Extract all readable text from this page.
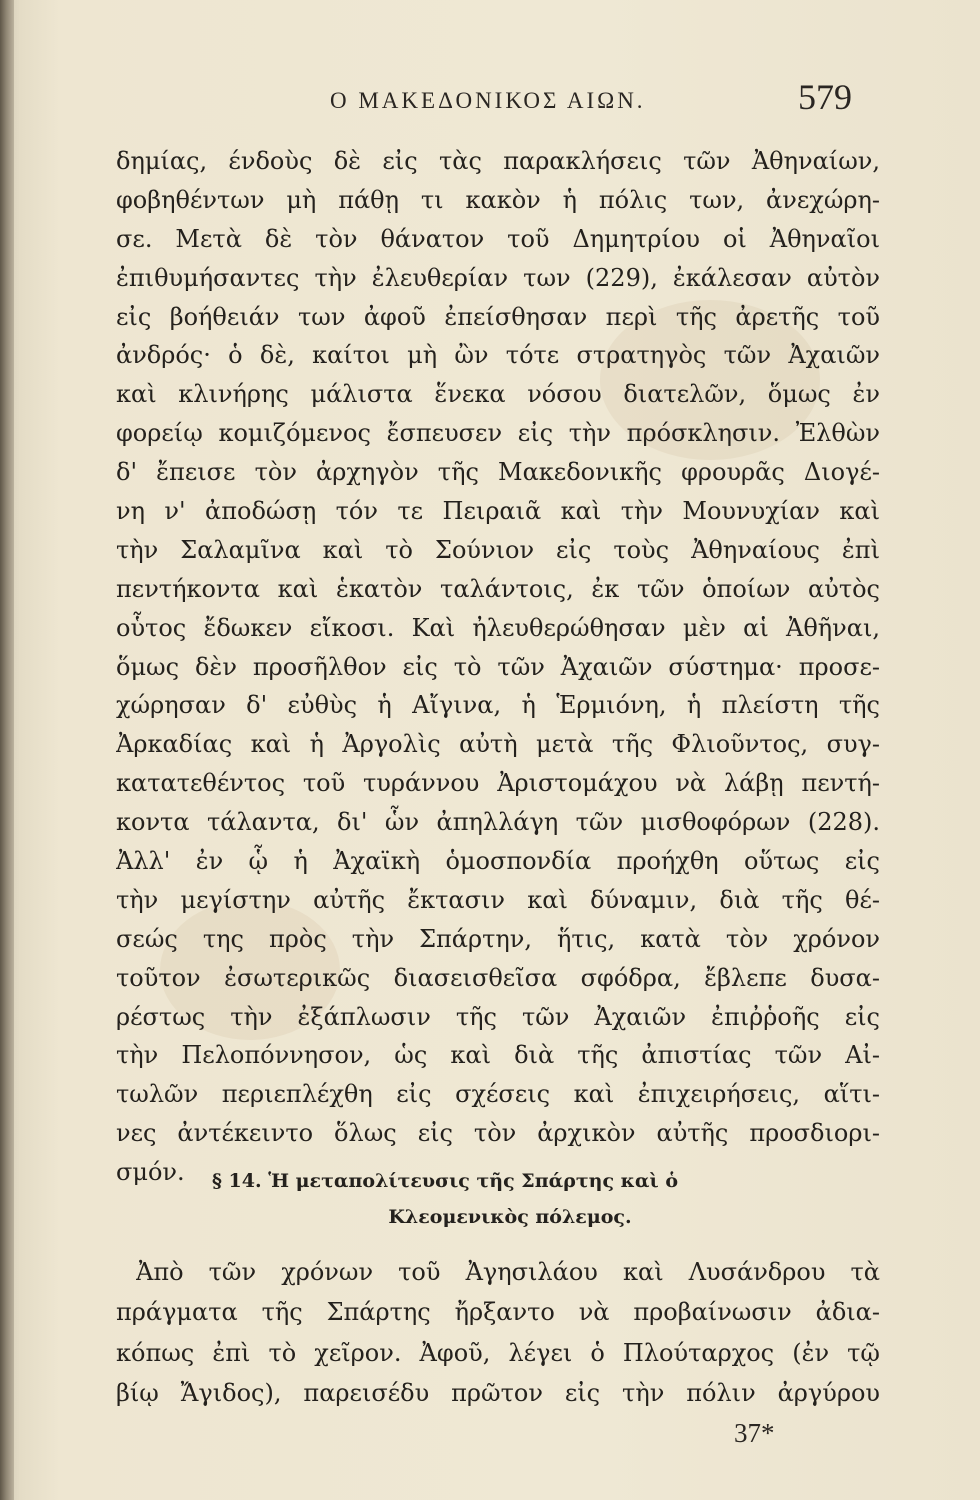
Ο ΜΑΚΕΔΟΝΙΚΟΣ ΑΙΩΝ.	579
δημίας, ένδοὺς δὲ εἰς τὰς παρακλήσεις τῶν Ἀθηναίων,
φοβηθέντων μὴ πάθῃ τι κακὸν ἡ πόλις των, ἀνεχώρη-
σε. Μετὰ δὲ τὸν θάνατον τοῦ Δημητρίου οἱ Ἀθηναῖοι
ἐπιθυμήσαντες τὴν ἐλευθερίαν των (229), ἐκάλεσαν αὐτὸν
εἰς βοήθειάν των ἀφοῦ ἐπείσθησαν περὶ τῆς ἀρετῆς τοῦ
ἀνδρός· ὁ δὲ, καίτοι μὴ ὢν τότε στρατηγὸς τῶν Ἀχαιῶν
καὶ κλινήρης μάλιστα ἕνεκα νόσου διατελῶν, ὅμως ἐν
φορείῳ κομιζόμενος ἔσπευσεν εἰς τὴν πρόσκλησιν. Ἐλθὼν
δ' ἔπεισε τὸν ἀρχηγὸν τῆς Μακεδονικῆς φρουρᾶς Διογέ-
νη ν' ἀποδώσῃ τόν τε Πειραιᾶ καὶ τὴν Μουνυχίαν καὶ
τὴν Σαλαμῖνα καὶ τὸ Σούνιον εἰς τοὺς Ἀθηναίους ἐπὶ
πεντήκοντα καὶ ἑκατὸν ταλάντοις, ἐκ τῶν ὁποίων αὐτὸς
οὗτος ἔδωκεν εἴκοσι. Καὶ ἠλευθερώθησαν μὲν αἱ Ἀθῆναι,
ὅμως δὲν προσῆλθον εἰς τὸ τῶν Ἀχαιῶν σύστημα· προσε-
χώρησαν δ' εὐθὺς ἡ Αἴγινα, ἡ Ἑρμιόνη, ἡ πλείστη τῆς
Ἀρκαδίας καὶ ἡ Ἀργολὶς αὐτὴ μετὰ τῆς Φλιοῦντος, συγ-
κατατεθέντος τοῦ τυράννου Ἀριστομάχου νὰ λάβῃ πεντή-
κοντα τάλαντα, δι' ὧν ἀπηλλάγη τῶν μισθοφόρων (228).
Ἀλλ' ἐν ᾧ ἡ Ἀχαϊκὴ ὁμοσπονδία προήχθη οὕτως εἰς
τὴν μεγίστην αὐτῆς ἔκτασιν καὶ δύναμιν, διὰ τῆς θέ-
σεώς της πρὸς τὴν Σπάρτην, ἥτις, κατὰ τὸν χρόνον
τοῦτον ἐσωτερικῶς διασεισθεῖσα σφόδρα, ἔβλεπε δυσα-
ρέστως τὴν ἐξάπλωσιν τῆς τῶν Ἀχαιῶν ἐπιῤῥοῆς εἰς
τὴν Πελοπόννησον, ὡς καὶ διὰ τῆς ἀπιστίας τῶν Αἰ-
τωλῶν περιεπλέχθη εἰς σχέσεις καὶ ἐπιχειρήσεις, αἵτι-
νες ἀντέκειντο ὅλως εἰς τὸν ἀρχικὸν αὐτῆς προσδιορι-
σμόν.	§ 14. Ἡ μεταπολίτευσις τῆς Σπάρτης καὶ ὁ
Κλεομενικὸς πόλεμος.
Ἀπὸ τῶν χρόνων τοῦ Ἀγησιλάου καὶ Λυσάνδρου τὰ
πράγματα τῆς Σπάρτης ἤρξαντο νὰ προβαίνωσιν ἀδια-
κόπως ἐπὶ τὸ χεῖρον. Ἀφοῦ, λέγει ὁ Πλούταρχος (ἐν τῷ
βίῳ Ἄγιδος), παρεισέδυ πρῶτον εἰς τὴν πόλιν ἀργύρου
37*
